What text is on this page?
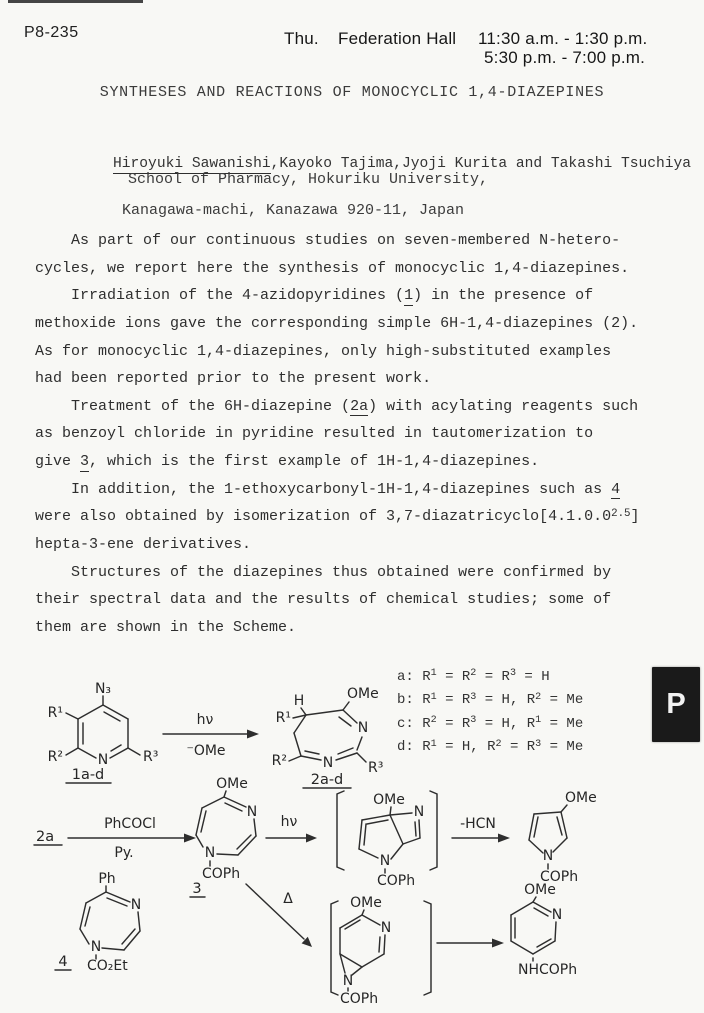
P8-235	Thu. Federation Hall 11:30 a.m. - 1:30 p.m.
5:30 p.m. - 7:00 p.m.
SYNTHESES AND REACTIONS OF MONOCYCLIC 1,4-DIAZEPINES

Hiroyuki Sawanishi,Kayoko Tajima,Jyoji Kurita and Takashi Tsuchiya

School of Pharmacy, Hokuriku University,
Kanagawa-machi, Kanazawa 920-11, Japan
As part of our continuous studies on seven-membered N-hetero-
cycles, we report here the synthesis of monocyclic 1,4-diazepines.
Irradiation of the 4-azidopyridines (1) in the presence of
methoxide ions gave the corresponding simple 6H-1,4-diazepines (2).
As for monocyclic 1,4-diazepines, only high-substituted examples
had been reported prior to the present work.
Treatment of the 6H-diazepine (2a) with acylating reagents such
as benzoyl chloride in pyridine resulted in tautomerization to
give 3, which is the first example of 1H-1,4-diazepines.
In addition, the 1-ethoxycarbonyl-1H-1,4-diazepines such as 4
were also obtained by isomerization of $3,7-diazatricyclo[4.1.0.0^{2.5}]$
hepta-3-ene derivatives.
Structures of the diazepines thus obtained were confirmed by
their spectral data and the results of chemical studies; some of
them are shown in the Scheme.
N
N₃
R¹
R²	R³
1a-d
hν
⁻OMe
N
N
H	OMe
R¹
R²	R³
2a-d
2a
PhCOCl
Py.
N
N
OMe
COPh
3
hν
N
N
OMe
COPh
-HCN
N
OMe
COPh
N
N
Ph
CO₂Et
4
Δ
N
OMe
N
COPh
N
OMe
NHCOPh
a: $R^1 = R^2 = R^3 = H$
b: $R^1 = R^3 = H$, $R^2 = Me$
c: $R^2 = R^3 = H$, $R^1 = Me$
d: $R^1 = H$, $R^2 = R^3 = Me$
P
